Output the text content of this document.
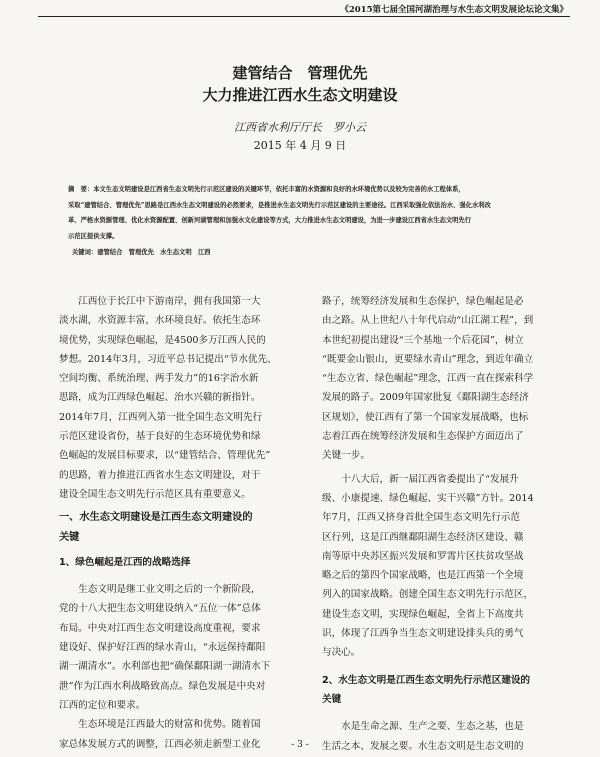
《2015第七届全国河湖治理与水生态文明发展论坛论文集》
建管结合　管理优先
大力推进江西水生态文明建设
江西省水利厅厅长　罗小云
2015 年 4 月 9 日
摘　要：本文生态文明建设是江西省生态文明先行示范区建设的关键环节，依托丰富的水资源和良好的水环境优势以及较为完善的水工程体系，
采取“建管结合、管理优先”思路是江西水生态文明建设的必然要求，是推进水生态文明先行示范区建设的主要途径。江西采取强化依法治水、强化水利改
革、严格水资源管理、优化水资源配置、创新河湖管理和加强水文化建设等方式，大力推进水生态文明建设，为进一步建设江西省水生态文明先行
示范区提供支撑。
关键词：建管结合　管理优先　水生态文明　江西

　　江西位于长江中下游南岸，拥有我国第一大
淡水湖，水资源丰富，水环境良好。依托生态环
境优势，实现绿色崛起，是4500多万江西人民的
梦想。2014年3月，习近平总书记提出“节水优先、
空间均衡、系统治理、两手发力”的16字治水新
思路，成为江西绿色崛起、治水兴赣的新指针。
2014年7月，江西列入第一批全国生态文明先行
示范区建设省份，基于良好的生态环境优势和绿
色崛起的发展目标要求，以“建管结合、管理优先”
的思路，着力推进江西省水生态文明建设，对于
建设全国生态文明先行示范区具有重要意义。

一、水生态文明建设是江西生态文明建设的
关键
1、绿色崛起是江西的战略选择

　　生态文明是继工业文明之后的一个新阶段，
党的十八大把生态文明建设纳入“五位一体”总体
布局。中央对江西生态文明建设高度重视，要求
建设好、保护好江西的绿水青山，“永远保持鄱阳
湖一湖清水”。水利部也把“确保鄱阳湖一湖清水下
泄”作为江西水利战略致高点。绿色发展是中央对
江西的定位和要求。

　　生态环境是江西最大的财富和优势。随着国
家总体发展方式的调整，江西必须走新型工业化

路子，统筹经济发展和生态保护，绿色崛起是必
由之路。从上世纪八十年代启动“山江湖工程”，到
本世纪初提出建设“三个基地一个后花园”，树立
“既要金山银山，更要绿水青山”理念，到近年确立
“生态立省、绿色崛起”理念，江西一直在探索科学
发展的路子。2009年国家批复《鄱阳湖生态经济
区规划》，使江西有了第一个国家发展战略，也标
志着江西在统筹经济发展和生态保护方面迈出了
关键一步。

　　十八大后，新一届江西省委提出了“发展升
级、小康提速、绿色崛起、实干兴赣”方针。2014
年7月，江西又挤身首批全国生态文明先行示范
区行列，这是江西继鄱阳湖生态经济区建设、赣
南等原中央苏区振兴发展和罗霄片区扶贫攻坚战
略之后的第四个国家战略，也是江西第一个全境
列入的国家战略。创建全国生态文明先行示范区，
建设生态文明，实现绿色崛起，全省上下高度共
识，体现了江西争当生态文明建设排头兵的勇气
与决心。

2、水生态文明是江西生态文明先行示范区建设的
关键

　　水是生命之源、生产之要、生态之基，也是
生活之本、发展之要。水生态文明是生态文明的

- 3 -
